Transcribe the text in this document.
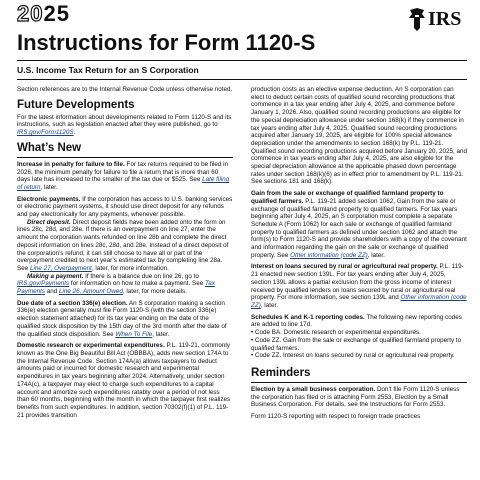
2025	IRS
Instructions for Form 1120-S
U.S. Income Tax Return for an S Corporation

Section references are to the Internal Revenue Code unless otherwise noted.

Future Developments

For the latest information about developments related to Form 1120-S and its instructions, such as legislation enacted after they were published, go to IRS.gov/Form1120S.

What’s New

Increase in penalty for failure to file. For tax returns required to be filed in 2026, the minimum penalty for failure to file a return that is more than 60 days late has increased to the smaller of the tax due or $525. See Late filing of return, later.

Electronic payments. If the corporation has access to U.S. banking services or electronic payment systems, it should use direct deposit for any refunds and pay electronically for any payments, whenever possible.

Direct deposit. Direct deposit fields have been added onto the form on lines 28c, 28d, and 28e. If there is an overpayment on line 27, enter the amount the corporation wants refunded on line 28b and complete the direct deposit information on lines 28c, 28d, and 28e. Instead of a direct deposit of the corporation’s refund, it can still choose to have all or part of the overpayment credited to next year’s estimated tax by completing line 28a. See Line 27, Overpayment, later, for more information.

Making a payment. If there is a balance due on line 26, go to IRS.gov/Payments for information on how to make a payment. See Tax Payments and Line 26. Amount Owed, later, for more details.

Due date of a section 336(e) election. An S corporation making a section 336(e) election generally must file Form 1120-S (with the section 336(e) election statement attached) for its tax year ending on the date of the qualified stock disposition by the 15th day of the 3rd month after the date of the qualified stock disposition. See When To File, later.

Domestic research or experimental expenditures. P.L. 119-21, commonly known as the One Big Beautiful Bill Act (OBBBA), adds new section 174A to the Internal Revenue Code. Section 174A(a) allows taxpayers to deduct amounts paid or incurred for domestic research and experimental expenditures in tax years beginning after 2024. Alternatively, under section 174A(c), a taxpayer may elect to charge such expenditures to a capital account and amortize such expenditures ratably over a period of not less than 60 months, beginning with the month in which the taxpayer first realizes benefits from such expenditures. In addition, section 70302(f)(1) of P.L. 119-21 provides transition

production costs as an elective expense deduction. An S corporation can elect to deduct certain costs of qualified sound recording productions that commence in a tax year ending after July 4, 2025, and commence before January 1, 2026. Also, qualified sound recording productions are eligible for the special depreciation allowance under section 168(k) if they commence in tax years ending after July 4, 2025. Qualified sound recording productions acquired after January 19, 2025, are eligible for 100% special allowance depreciation under the amendments to section 168(k) by P.L. 119-21. Qualified sound recording productions acquired before January 20, 2025, and commence in tax years ending after July 4, 2025, are also eligible for the special depreciation allowance at the applicable phased down percentage rates under section 168(k)(6) as in effect prior to amendment by P.L. 119-21. See sections 181 and 168(k).

Gain from the sale or exchange of qualified farmland property to qualified farmers. P.L. 119-21 added section 1062, Gain from the sale or exchange of qualified farmland property to qualified farmers. For tax years beginning after July 4, 2025, an S corporation must complete a separate Schedule A (Form 1062) for each sale or exchange of qualified farmland property to qualified farmers as defined under section 1062 and attach the form(s) to Form 1120-S and provide shareholders with a copy of the covenant and information regarding the gain on the sale or exchange of qualified property. See Other information (code ZZ), later.

Interest on loans secured by rural or agricultural real property. P.L. 119-21 enacted new section 139L. For tax years ending after July 4, 2025, section 139L allows a partial exclusion from the gross income of interest received by qualified lenders on loans secured by rural or agricultural real property. For more information, see section 139L and Other information (code ZZ), later.

Schedules K and K-1 reporting codes. The following new reporting codes are added to line 17d.

• Code BA. Domestic research or experimental expenditures.
• Code ZZ. Gain from the sale or exchange of qualified farmland property to qualified farmers.
• Code ZZ. Interest on loans secured by rural or agricultural real property.
Reminders

Election by a small business corporation. Don’t file Form 1120-S unless the corporation has filed or is attaching Form 2553, Election by a Small Business Corporation. For details, see the Instructions for Form 2553.

Form 1120-S reporting with respect to foreign trade practices
